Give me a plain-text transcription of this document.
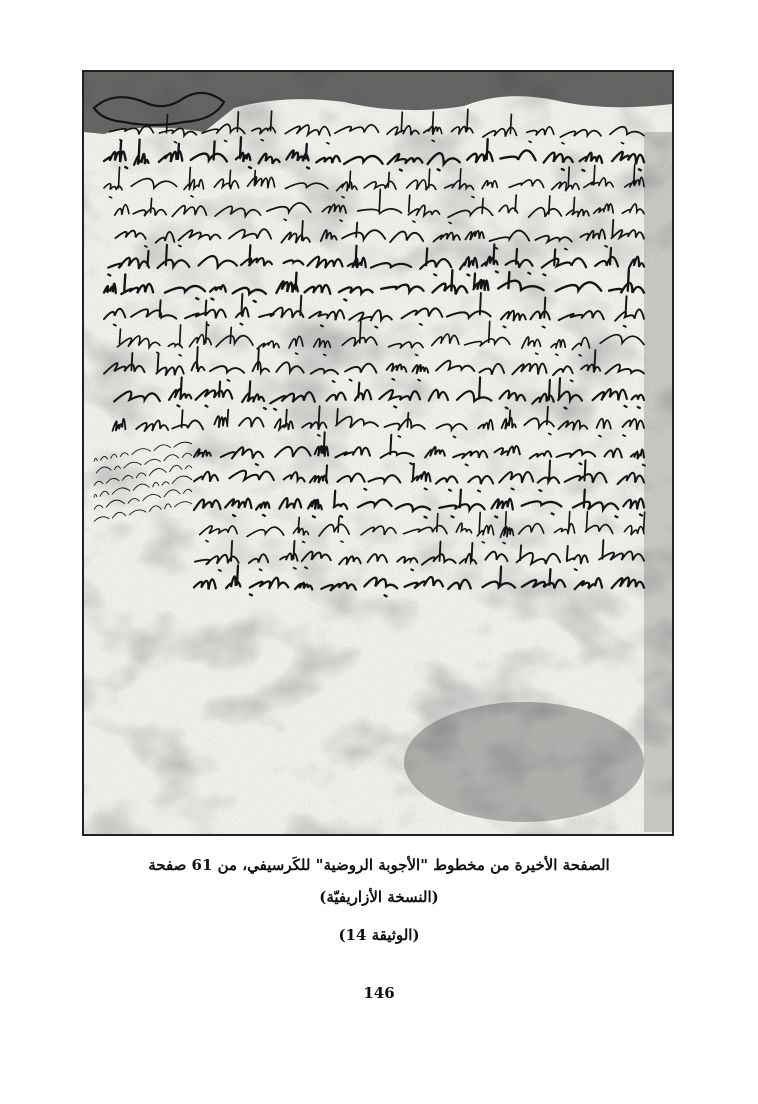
الصفحة الأخيرة من مخطوط "الأجوبة الروضية" للكَرسيفي، من 61 صفحة
(النسخة الأزاريفيّة)
(الوثيقة 14)
146
